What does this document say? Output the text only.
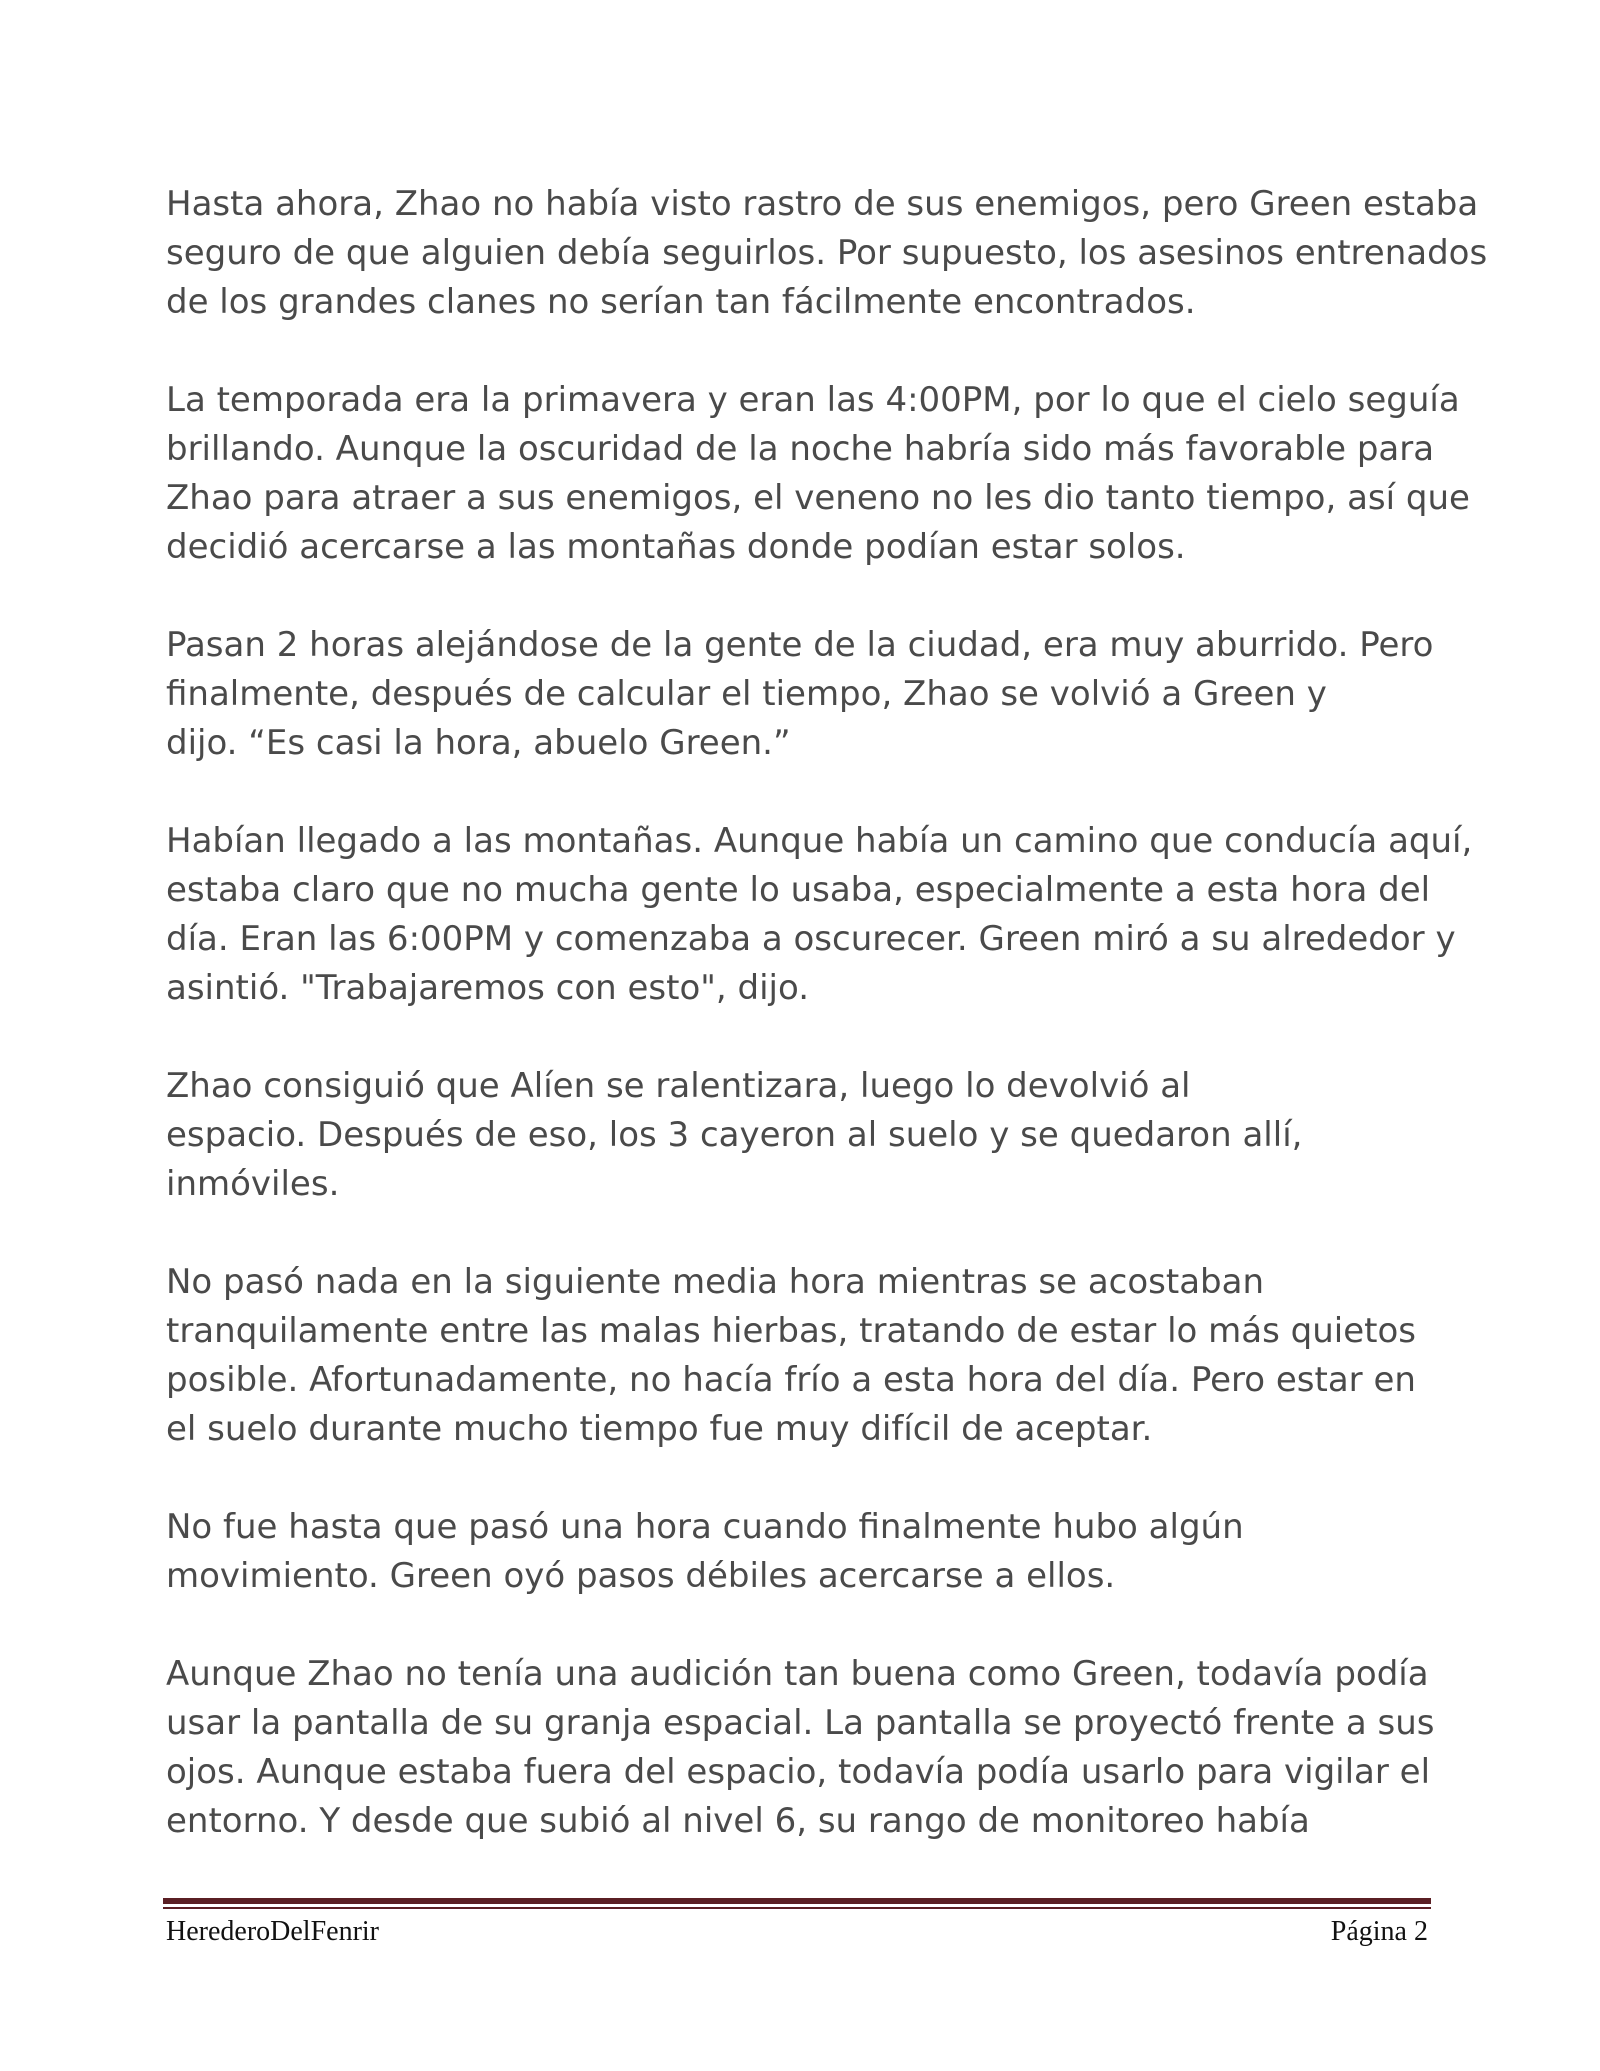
Hasta ahora, Zhao no había visto rastro de sus enemigos, pero Green estaba
seguro de que alguien debía seguirlos. Por supuesto, los asesinos entrenados
de los grandes clanes no serían tan fácilmente encontrados.

La temporada era la primavera y eran las 4:00PM, por lo que el cielo seguía
brillando. Aunque la oscuridad de la noche habría sido más favorable para
Zhao para atraer a sus enemigos, el veneno no les dio tanto tiempo, así que
decidió acercarse a las montañas donde podían estar solos.

Pasan 2 horas alejándose de la gente de la ciudad, era muy aburrido. Pero
finalmente, después de calcular el tiempo, Zhao se volvió a Green y
dijo. “Es casi la hora, abuelo Green.”

Habían llegado a las montañas. Aunque había un camino que conducía aquí,
estaba claro que no mucha gente lo usaba, especialmente a esta hora del
día. Eran las 6:00PM y comenzaba a oscurecer. Green miró a su alrededor y
asintió. "Trabajaremos con esto", dijo.

Zhao consiguió que Alíen se ralentizara, luego lo devolvió al
espacio. Después de eso, los 3 cayeron al suelo y se quedaron allí,
inmóviles.

No pasó nada en la siguiente media hora mientras se acostaban
tranquilamente entre las malas hierbas, tratando de estar lo más quietos
posible. Afortunadamente, no hacía frío a esta hora del día. Pero estar en
el suelo durante mucho tiempo fue muy difícil de aceptar.

No fue hasta que pasó una hora cuando finalmente hubo algún
movimiento. Green oyó pasos débiles acercarse a ellos.

Aunque Zhao no tenía una audición tan buena como Green, todavía podía
usar la pantalla de su granja espacial. La pantalla se proyectó frente a sus
ojos. Aunque estaba fuera del espacio, todavía podía usarlo para vigilar el
entorno. Y desde que subió al nivel 6, su rango de monitoreo había

HerederoDelFenrir	Página 2
